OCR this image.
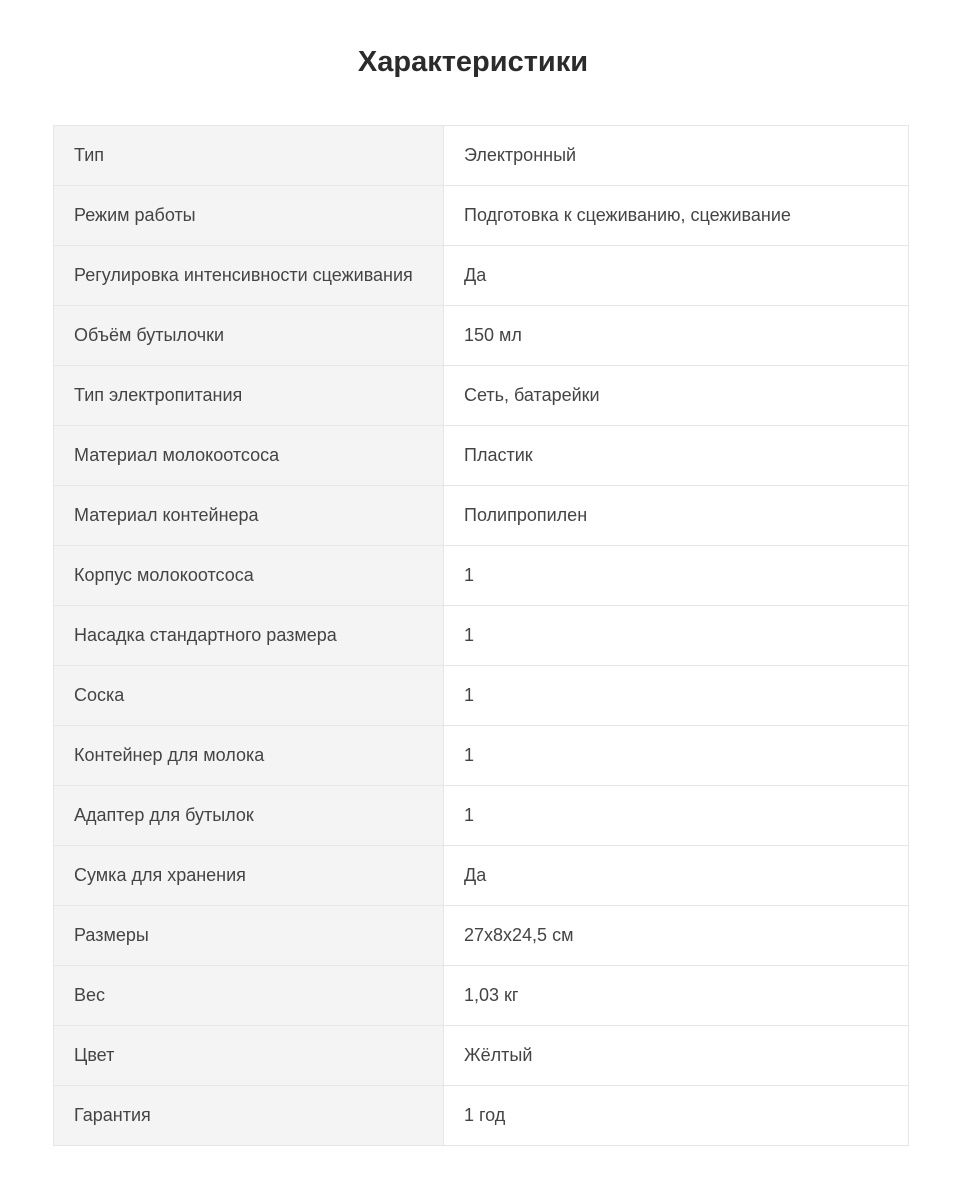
Характеристики
Тип	Электронный
Режим работы	Подготовка к сцеживанию, сцеживание
Регулировка интенсивности сцеживания	Да
Объём бутылочки	150 мл
Тип электропитания	Сеть, батарейки
Материал молокоотсоса	Пластик
Материал контейнера	Полипропилен
Корпус молокоотсоса	1
Насадка стандартного размера	1
Соска	1
Контейнер для молока	1
Адаптер для бутылок	1
Сумка для хранения	Да
Размеры	27x8x24,5 см
Вес	1,03 кг
Цвет	Жёлтый
Гарантия	1 год
